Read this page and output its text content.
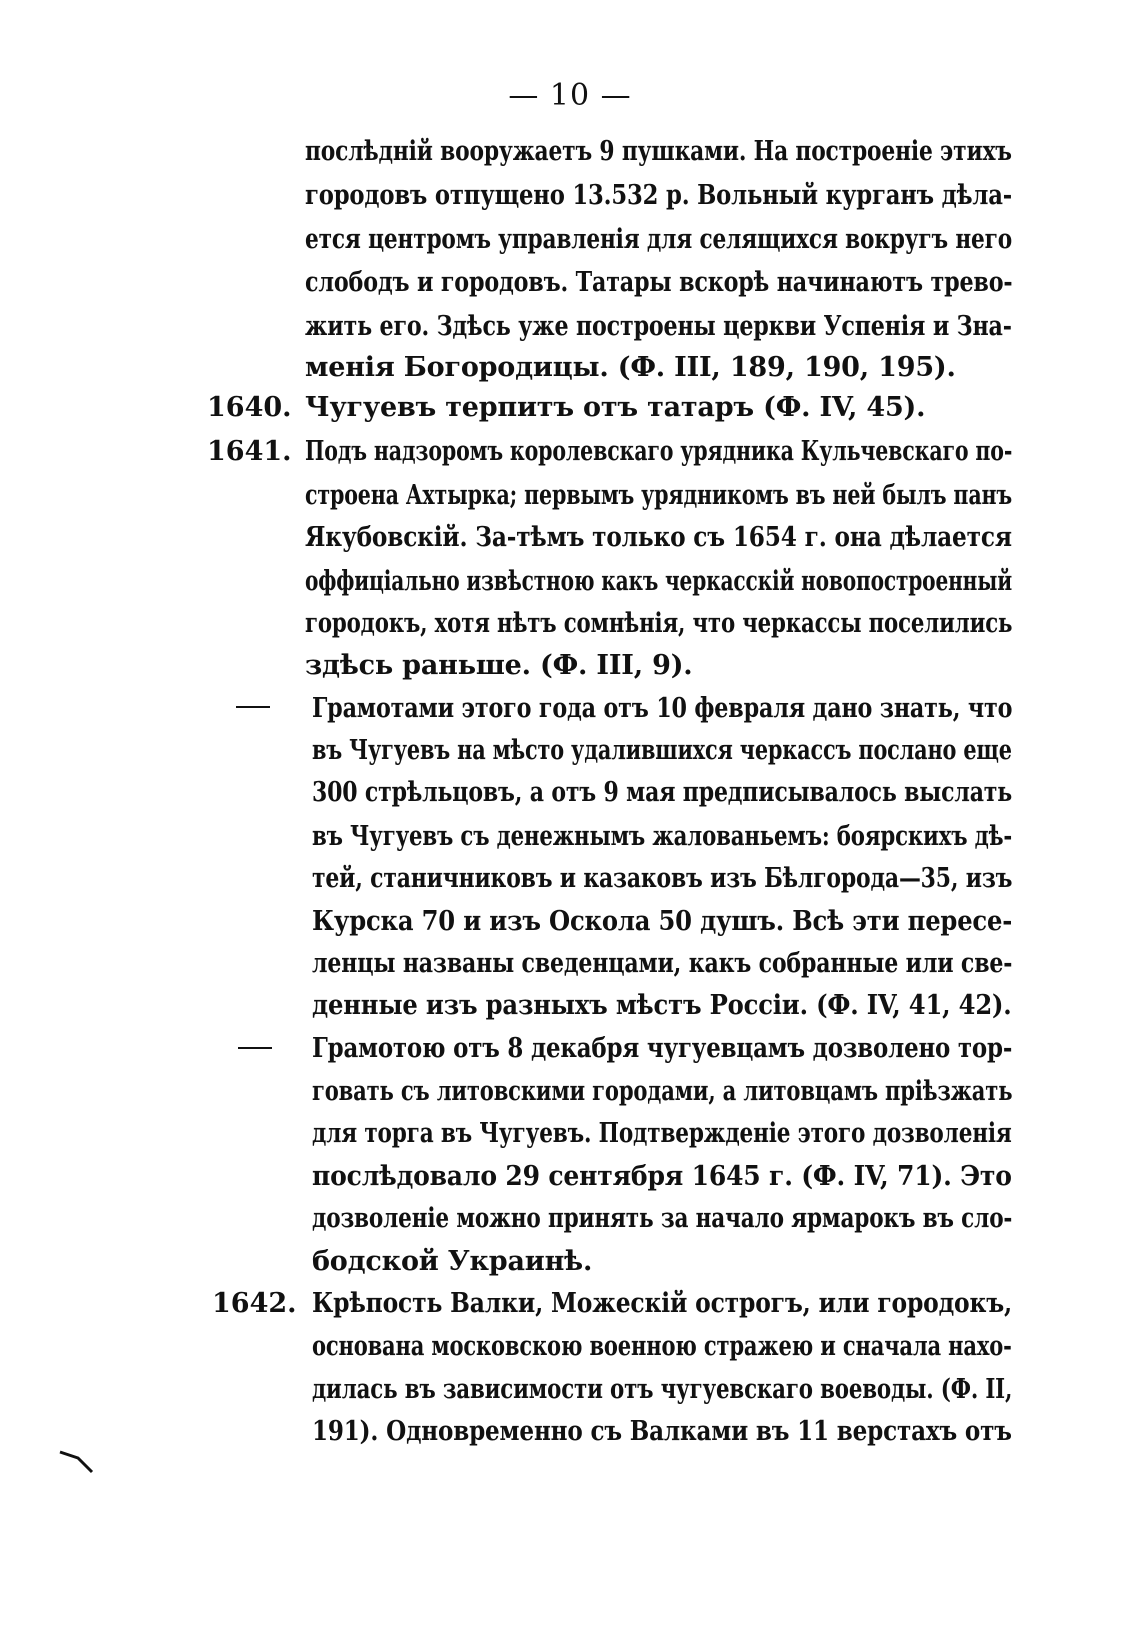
— 10 —
1640.
1641.
1642.
послѣдній вооружаетъ 9 пушками. На построеніе этихъ
городовъ отпущено 13.532 р. Вольный курганъ дѣла-
ется центромъ управленія для селящихся вокругъ него
слободъ и городовъ. Татары вскорѣ начинаютъ трево-
жить его. Здѣсь уже построены церкви Успенія и Зна-
менія Богородицы. (Ф. III, 189, 190, 195).
Чугуевъ терпитъ отъ татаръ (Ф. IV, 45).
Подъ надзоромъ королевскаго урядника Кульчевскаго по-
строена Ахтырка; первымъ урядникомъ въ ней былъ панъ
Якубовскій. За-тѣмъ только съ 1654 г. она дѣлается
оффиціально извѣстною какъ черкасскій новопостроенный
городокъ, хотя нѣтъ сомнѣнія, что черкассы поселились
здѣсь раньше. (Ф. III, 9).
Грамотами этого года отъ 10 февраля дано знать, что
въ Чугуевъ на мѣсто удалившихся черкассъ послано еще
300 стрѣльцовъ, а отъ 9 мая предписывалось выслать
въ Чугуевъ съ денежнымъ жалованьемъ: боярскихъ дѣ-
тей, станичниковъ и казаковъ изъ Бѣлгорода—35, изъ
Курска 70 и изъ Оскола 50 душъ. Всѣ эти пересе-
ленцы названы сведенцами, какъ собранные или све-
денные изъ разныхъ мѣстъ Россіи. (Ф. IV, 41, 42).
Грамотою отъ 8 декабря чугуевцамъ дозволено тор-
говать съ литовскими городами, а литовцамъ пріѣзжать
для торга въ Чугуевъ. Подтвержденіе этого дозволенія
послѣдовало 29 сентября 1645 г. (Ф. IV, 71). Это
дозволеніе можно принять за начало ярмарокъ въ сло-
бодской Украинѣ.
Крѣпость Валки, Можескій острогъ, или городокъ,
основана московскою военною стражею и сначала нахо-
дилась въ зависимости отъ чугуевскаго воеводы. (Ф. II,
191). Одновременно съ Валками въ 11 верстахъ отъ
